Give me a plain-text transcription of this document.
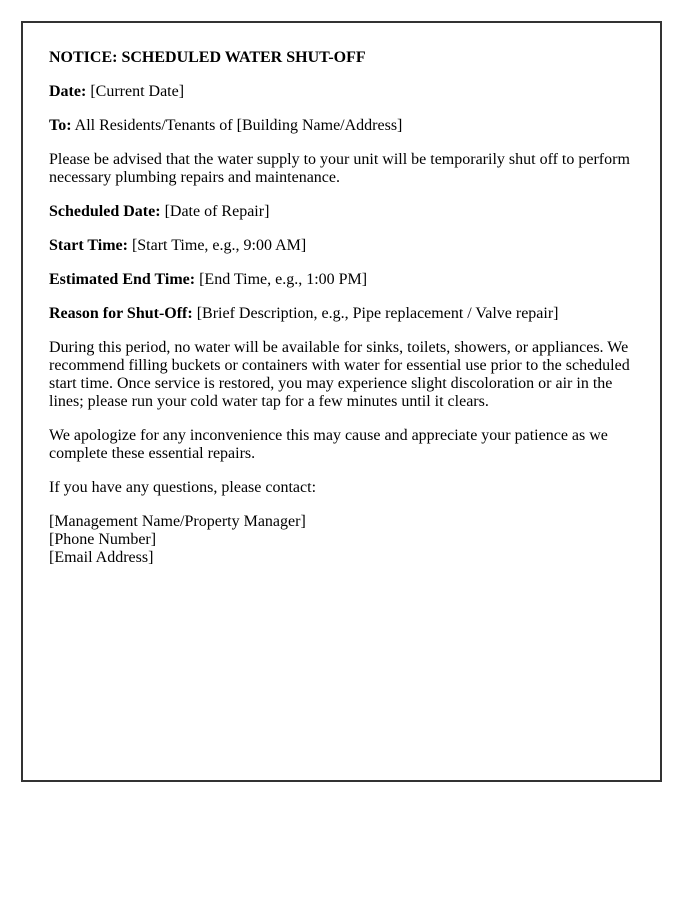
NOTICE: SCHEDULED WATER SHUT-OFF

Date: [Current Date]

To: All Residents/Tenants of [Building Name/Address]

Please be advised that the water supply to your unit will be temporarily shut off to perform necessary plumbing repairs and maintenance.

Scheduled Date: [Date of Repair]

Start Time: [Start Time, e.g., 9:00 AM]

Estimated End Time: [End Time, e.g., 1:00 PM]

Reason for Shut-Off: [Brief Description, e.g., Pipe replacement / Valve repair]

During this period, no water will be available for sinks, toilets, showers, or appliances. We recommend filling buckets or containers with water for essential use prior to the scheduled start time. Once service is restored, you may experience slight discoloration or air in the lines; please run your cold water tap for a few minutes until it clears.

We apologize for any inconvenience this may cause and appreciate your patience as we complete these essential repairs.

If you have any questions, please contact:

[Management Name/Property Manager]
[Phone Number]
[Email Address]
